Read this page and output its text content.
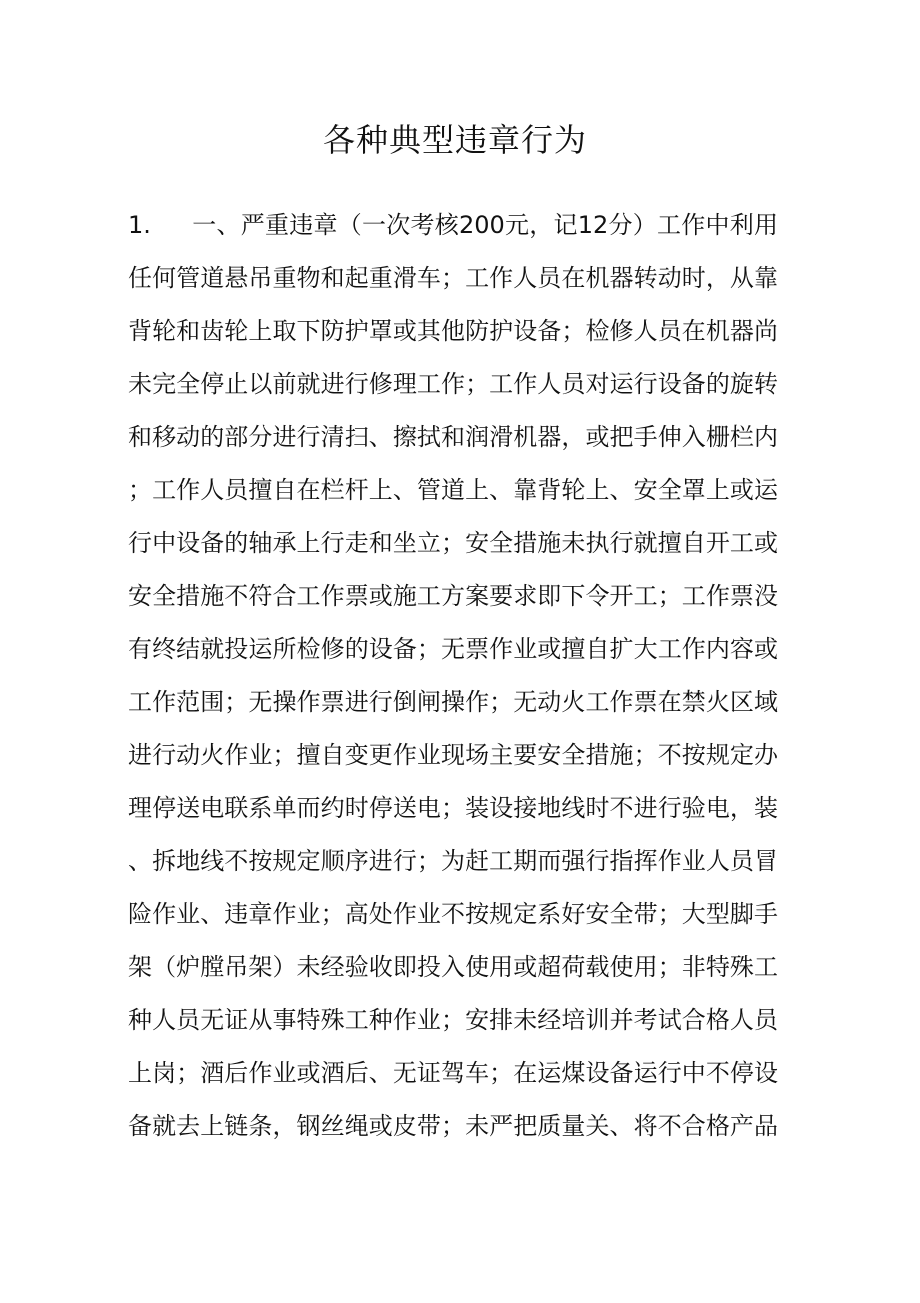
各种典型违章行为
1. 一、严重违章（一次考核200元，记12分）工作中利用
任何管道悬吊重物和起重滑车；工作人员在机器转动时，从靠
背轮和齿轮上取下防护罩或其他防护设备；检修人员在机器尚
未完全停止以前就进行修理工作；工作人员对运行设备的旋转
和移动的部分进行清扫、擦拭和润滑机器，或把手伸入栅栏内
；工作人员擅自在栏杆上、管道上、靠背轮上、安全罩上或运
行中设备的轴承上行走和坐立；安全措施未执行就擅自开工或
安全措施不符合工作票或施工方案要求即下令开工；工作票没
有终结就投运所检修的设备；无票作业或擅自扩大工作内容或
工作范围；无操作票进行倒闸操作；无动火工作票在禁火区域
进行动火作业；擅自变更作业现场主要安全措施；不按规定办
理停送电联系单而约时停送电；装设接地线时不进行验电，装
、拆地线不按规定顺序进行；为赶工期而强行指挥作业人员冒
险作业、违章作业；高处作业不按规定系好安全带；大型脚手
架（炉膛吊架）未经验收即投入使用或超荷载使用；非特殊工
种人员无证从事特殊工种作业；安排未经培训并考试合格人员
上岗；酒后作业或酒后、无证驾车；在运煤设备运行中不停设
备就去上链条，钢丝绳或皮带；未严把质量关、将不合格产品
